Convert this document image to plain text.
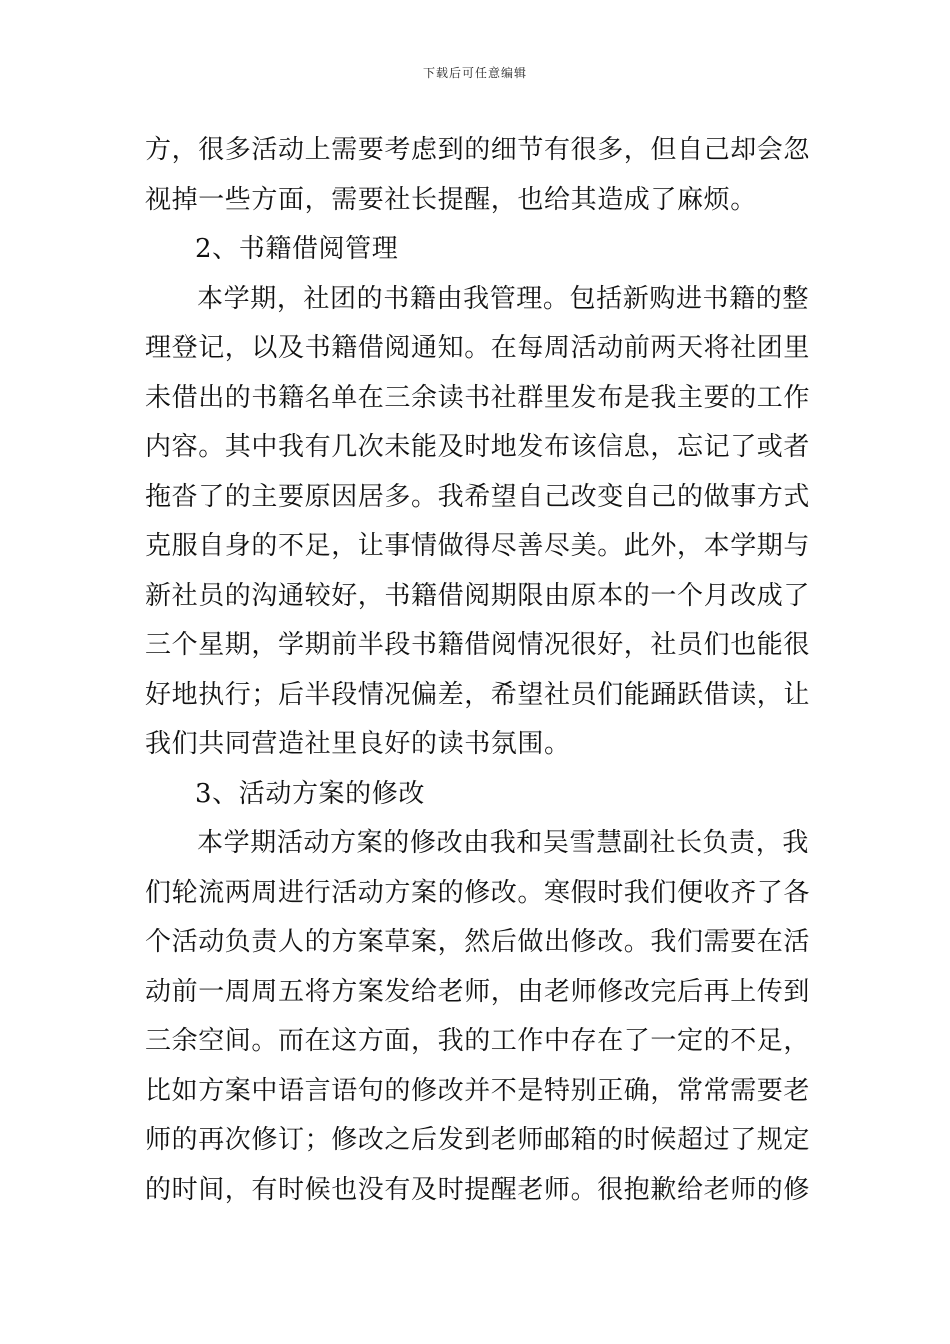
下载后可任意编辑
方，很多活动上需要考虑到的细节有很多，但自己却会忽
视掉一些方面，需要社长提醒，也给其造成了麻烦。
2、书籍借阅管理
本学期，社团的书籍由我管理。包括新购进书籍的整
理登记，以及书籍借阅通知。在每周活动前两天将社团里
未借出的书籍名单在三余读书社群里发布是我主要的工作
内容。其中我有几次未能及时地发布该信息，忘记了或者
拖沓了的主要原因居多。我希望自己改变自己的做事方式
克服自身的不足，让事情做得尽善尽美。此外，本学期与
新社员的沟通较好，书籍借阅期限由原本的一个月改成了
三个星期，学期前半段书籍借阅情况很好，社员们也能很
好地执行；后半段情况偏差，希望社员们能踊跃借读，让
我们共同营造社里良好的读书氛围。
3、活动方案的修改
本学期活动方案的修改由我和吴雪慧副社长负责，我
们轮流两周进行活动方案的修改。寒假时我们便收齐了各
个活动负责人的方案草案，然后做出修改。我们需要在活
动前一周周五将方案发给老师，由老师修改完后再上传到
三余空间。而在这方面，我的工作中存在了一定的不足，
比如方案中语言语句的修改并不是特别正确，常常需要老
师的再次修订；修改之后发到老师邮箱的时候超过了规定
的时间，有时候也没有及时提醒老师。很抱歉给老师的修
